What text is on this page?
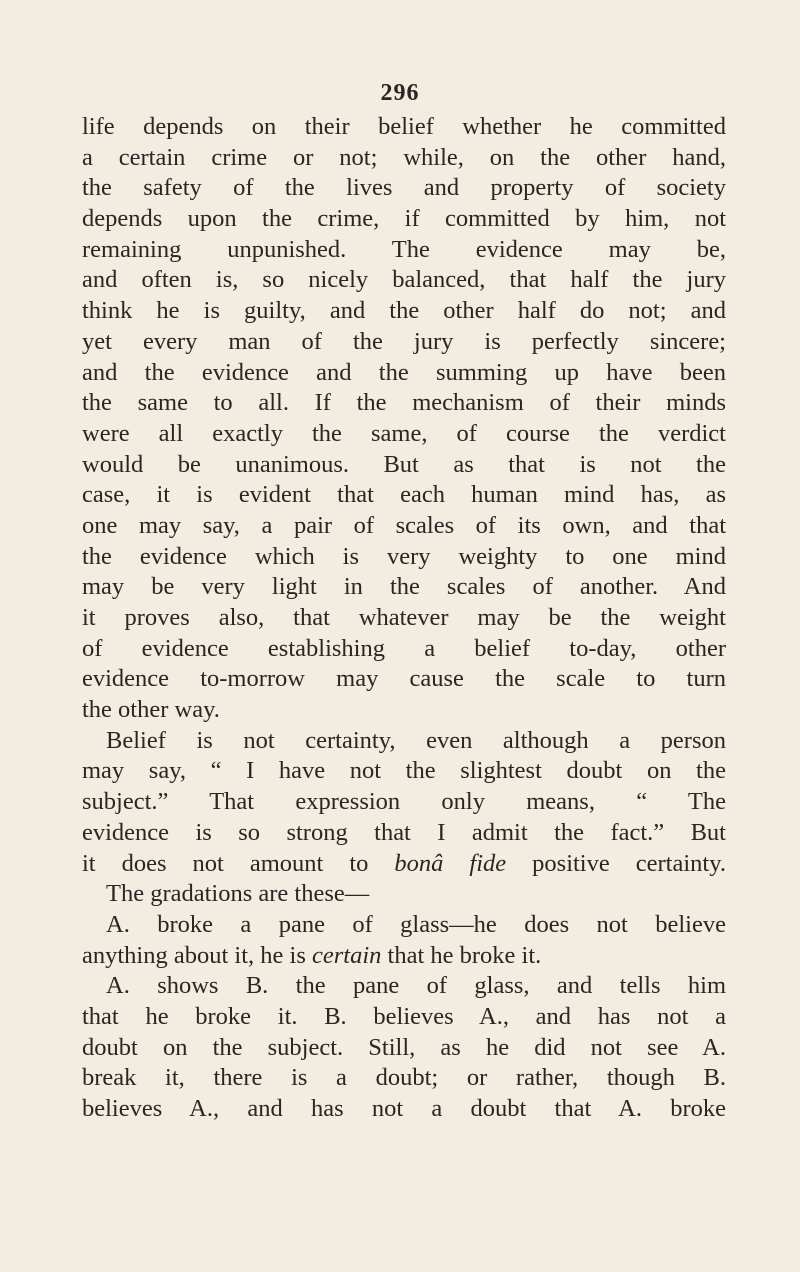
296
life depends on their belief whether he committed
a certain crime or not; while, on the other hand,
the safety of the lives and property of society
depends upon the crime, if committed by him, not
remaining unpunished. The evidence may be,
and often is, so nicely balanced, that half the jury
think he is guilty, and the other half do not; and
yet every man of the jury is perfectly sincere;
and the evidence and the summing up have been
the same to all. If the mechanism of their minds
were all exactly the same, of course the verdict
would be unanimous. But as that is not the
case, it is evident that each human mind has, as
one may say, a pair of scales of its own, and that
the evidence which is very weighty to one mind
may be very light in the scales of another. And
it proves also, that whatever may be the weight
of evidence establishing a belief to-day, other
evidence to-morrow may cause the scale to turn
the other way.
Belief is not certainty, even although a person
may say, “ I have not the slightest doubt on the
subject.” That expression only means, “ The
evidence is so strong that I admit the fact.” But
it does not amount to bonâ fide positive certainty.
The gradations are these—
A. broke a pane of glass—he does not believe
anything about it, he is certain that he broke it.
A. shows B. the pane of glass, and tells him
that he broke it. B. believes A., and has not a
doubt on the subject. Still, as he did not see A.
break it, there is a doubt; or rather, though B.
believes A., and has not a doubt that A. broke
